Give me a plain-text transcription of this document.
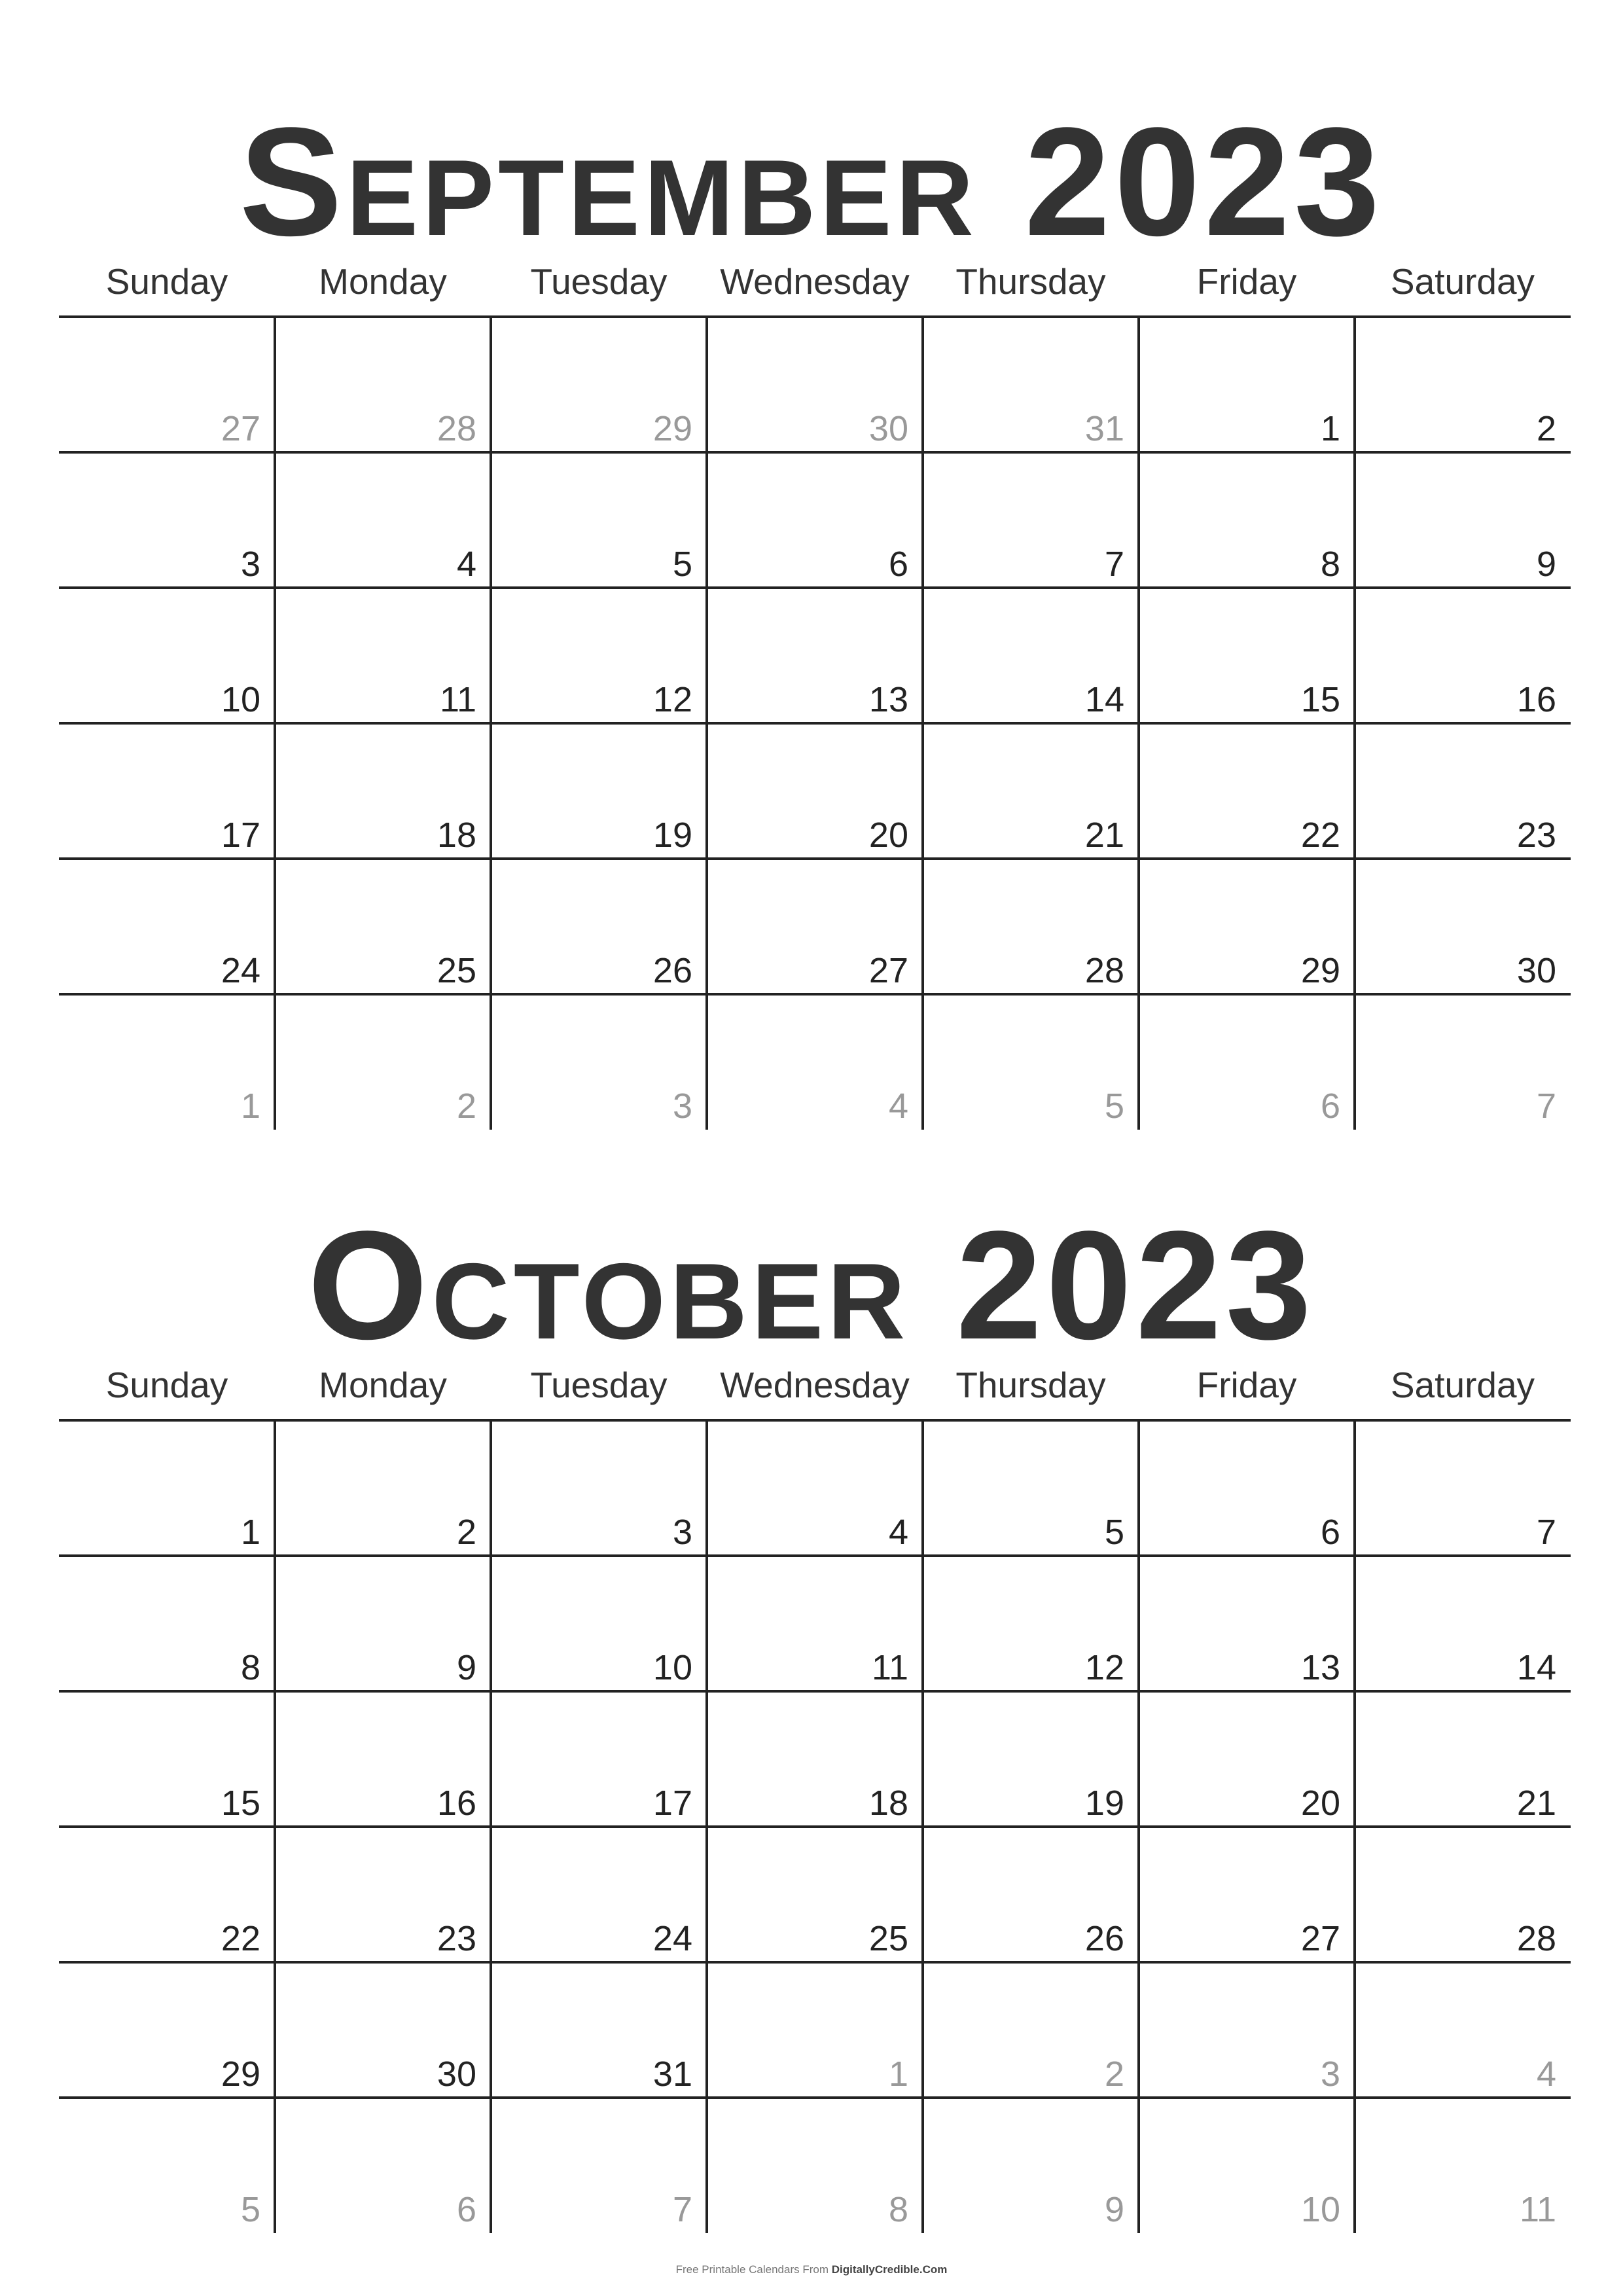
September 2023
Sunday	Monday	Tuesday	Wednesday	Thursday	Friday	Saturday
27	28	29	30	31	1	2
3	4	5	6	7	8	9
10	11	12	13	14	15	16
17	18	19	20	21	22	23
24	25	26	27	28	29	30
1	2	3	4	5	6	7
October 2023
Sunday	Monday	Tuesday	Wednesday	Thursday	Friday	Saturday
1	2	3	4	5	6	7
8	9	10	11	12	13	14
15	16	17	18	19	20	21
22	23	24	25	26	27	28
29	30	31	1	2	3	4
5	6	7	8	9	10	11
Free Printable Calendars From DigitallyCredible.Com
